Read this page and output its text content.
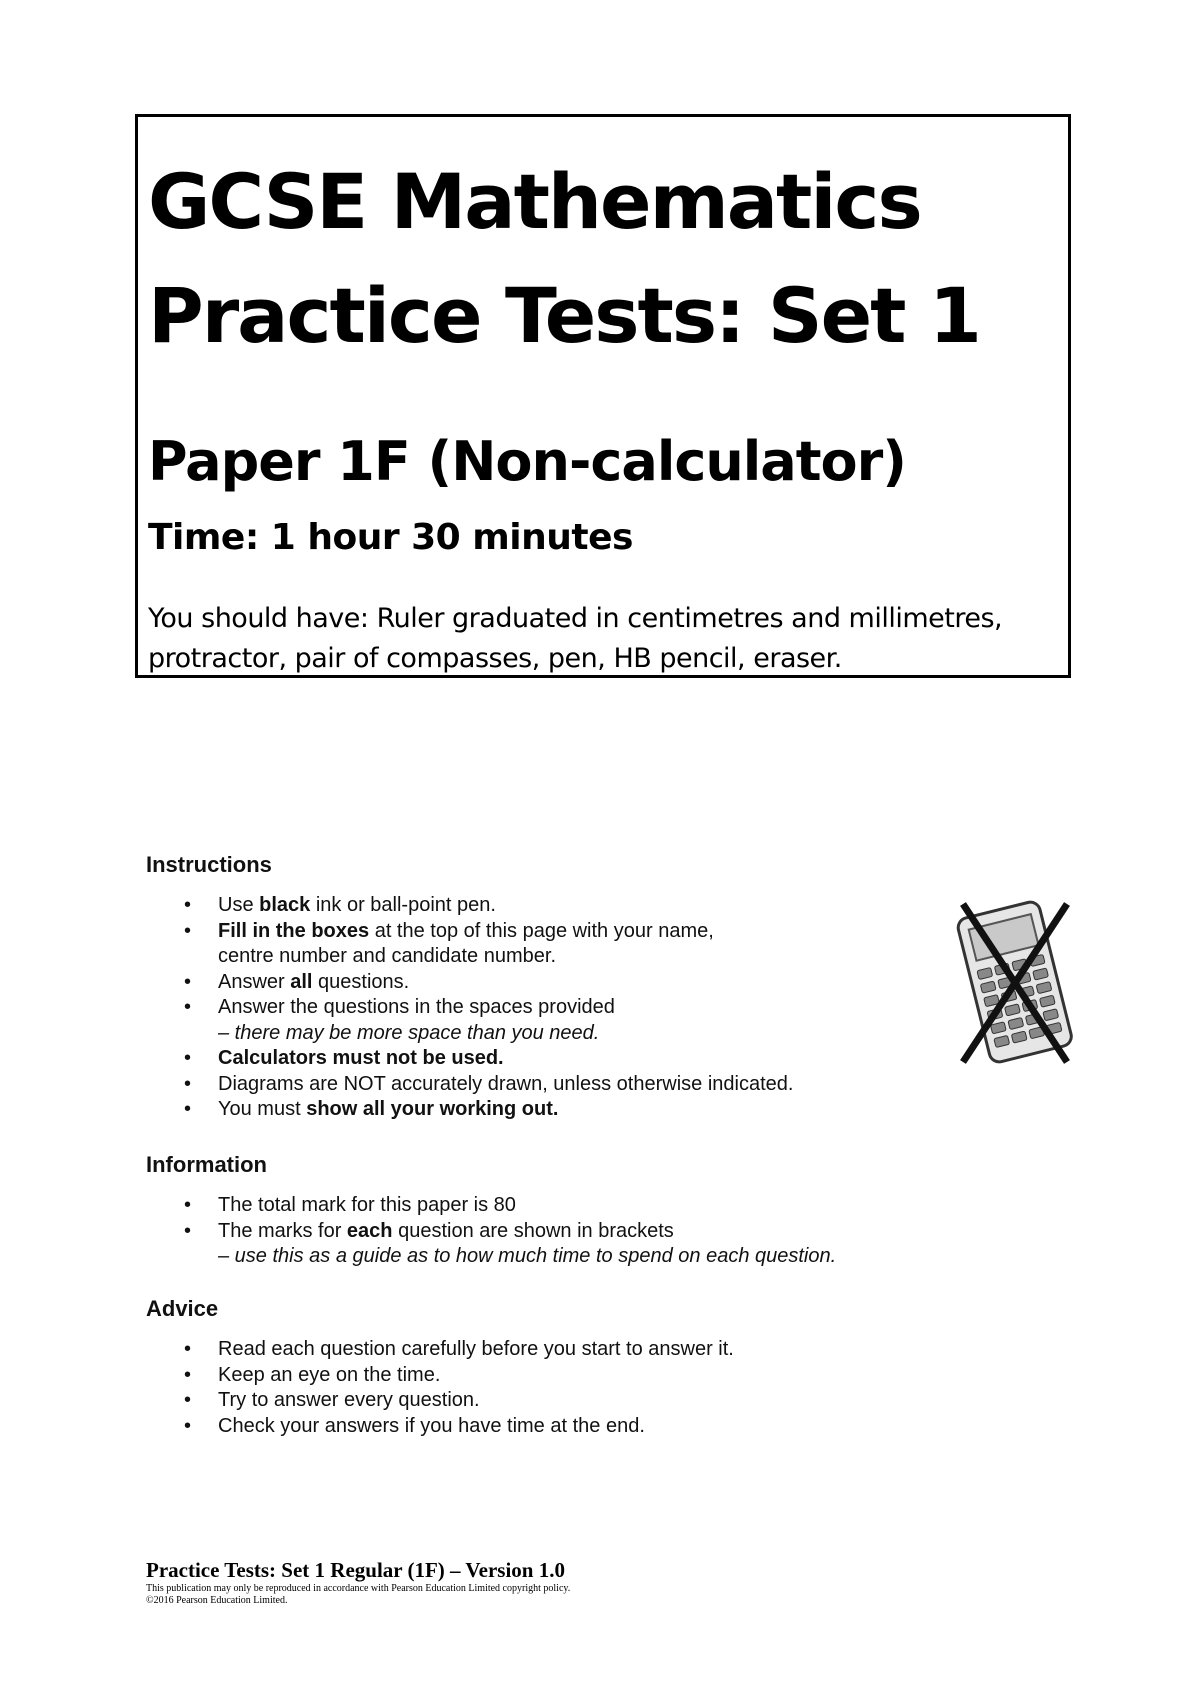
GCSE Mathematics
Practice Tests: Set 1
Paper 1F (Non-calculator)
Time: 1 hour 30 minutes
You should have: Ruler graduated in centimetres and millimetres,
protractor, pair of compasses, pen, HB pencil, eraser.
Instructions
• Use black ink or ball-point pen.
• Fill in the boxes at the top of this page with your name,
centre number and candidate number.
• Answer all questions.
• Answer the questions in the spaces provided
– there may be more space than you need.
• Calculators must not be used.
• Diagrams are NOT accurately drawn, unless otherwise indicated.
• You must show all your working out.
Information
• The total mark for this paper is 80
• The marks for each question are shown in brackets
– use this as a guide as to how much time to spend on each question.
Advice
• Read each question carefully before you start to answer it.
• Keep an eye on the time.
• Try to answer every question.
• Check your answers if you have time at the end.
Practice Tests: Set 1 Regular (1F) – Version 1.0
This publication may only be reproduced in accordance with Pearson Education Limited copyright policy.
©2016 Pearson Education Limited.
